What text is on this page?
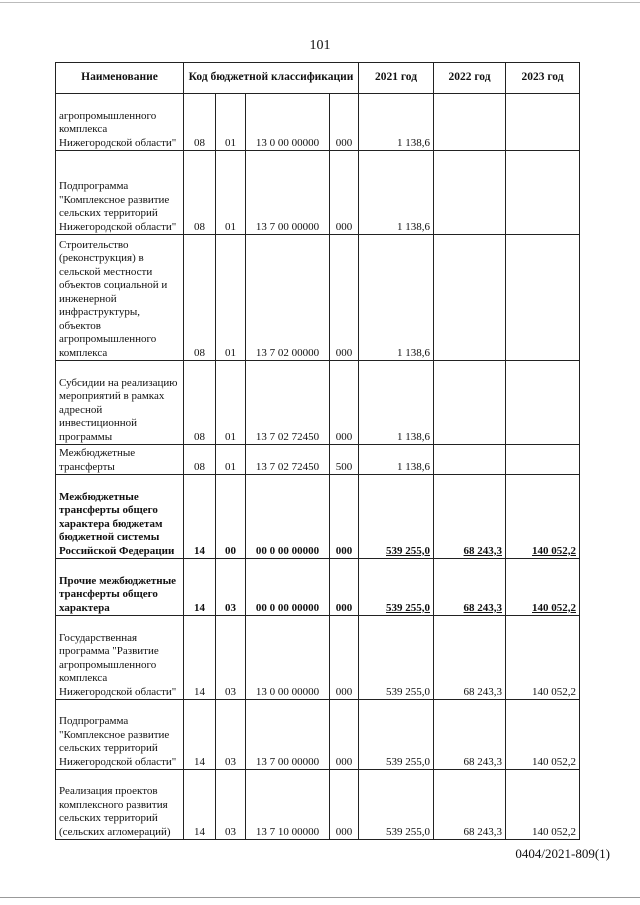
101
Наименование	Код бюджетной классификации				2021 год	2022 год	2023 год
агропромышленного комплекса Нижегородской области"	08	01	13 0 00 00000	000	1 138,6		
Подпрограмма "Комплексное развитие сельских территорий Нижегородской области"	08	01	13 7 00 00000	000	1 138,6		
Строительство (реконструкция) в сельской местности объектов социальной и инженерной инфраструктуры, объектов агропромышленного комплекса	08	01	13 7 02 00000	000	1 138,6		
Субсидии на реализацию мероприятий в рамках адресной инвестиционной программы	08	01	13 7 02 72450	000	1 138,6		
Межбюджетные трансферты	08	01	13 7 02 72450	500	1 138,6		
Межбюджетные трансферты общего характера бюджетам бюджетной системы Российской Федерации	14	00	00 0 00 00000	000	539 255,0	68 243,3	140 052,2
Прочие межбюджетные трансферты общего характера	14	03	00 0 00 00000	000	539 255,0	68 243,3	140 052,2
Государственная программа "Развитие агропромышленного комплекса Нижегородской области"	14	03	13 0 00 00000	000	539 255,0	68 243,3	140 052,2
Подпрограмма "Комплексное развитие сельских территорий Нижегородской области"	14	03	13 7 00 00000	000	539 255,0	68 243,3	140 052,2
Реализация проектов комплексного развития сельских территорий (сельских агломераций)	14	03	13 7 10 00000	000	539 255,0	68 243,3	140 052,2
0404/2021-809(1)
